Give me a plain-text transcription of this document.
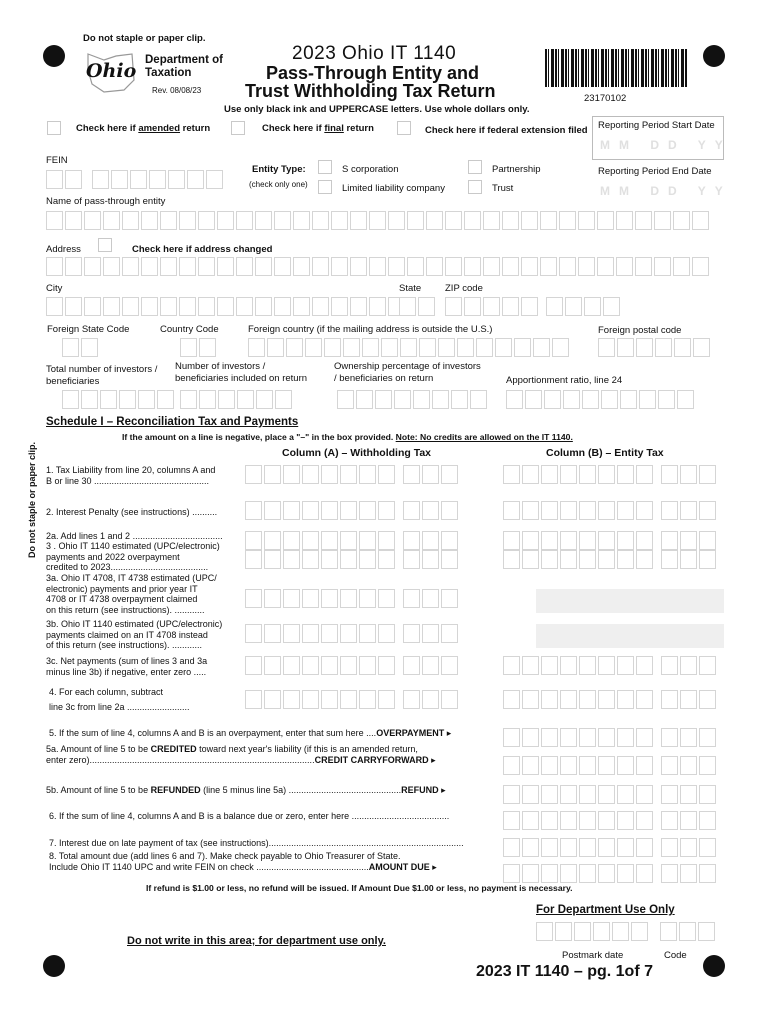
Do not staple or paper clip.
Ohio Department of
Taxation
Rev. 08/08/23
2023 Ohio IT 1140
Pass-Through Entity and
Trust Withholding Tax Return	23170102
Use only black ink and UPPERCASE letters. Use whole dollars only.
Check here if amended return	Check here if final return	Check here if federal extension filed Reporting Period Start Date
MM DD YY
Reporting Period End Date
MM DD YY
FEIN
Entity Type:
(check only one)
S corporation
Limited liability company
Partnership
Trust
Name of pass-through entity
Address	Check here if address changed
City	State	ZIP code
Foreign State Code	Country Code	Foreign country (if the mailing address is outside the U.S.)	Foreign postal code
Total number of investors /
beneficiaries
Number of investors /
beneficiaries included on return
Ownership percentage of investors
/ beneficiaries on return	Apportionment ratio, line 24
Do not staple or paper clip.
Schedule I – Reconciliation Tax and Payments
If the amount on a line is negative, place a "–" in the box provided. Note: No credits are allowed on the IT 1140.
Column (A) – Withholding Tax	Column (B) – Entity Tax
1. Tax Liability from line 20, columns A and
B or line 30 ..............................................
2. Interest Penalty (see instructions) ..........
2a. Add lines 1 and 2 ....................................
3 . Ohio IT 1140 estimated (UPC/electronic)
payments and 2022 overpayment
credited to 2023.......................................
3a. Ohio IT 4708, IT 4738 estimated (UPC/
electronic) payments and prior year IT
4708 or IT 4738 overpayment claimed
on this return (see instructions). ............
3b. Ohio IT 1140 estimated (UPC/electronic)
payments claimed on an IT 4708 instead
of this return (see instructions). ............
3c. Net payments (sum of lines 3 and 3a
minus line 3b) if negative, enter zero .....
4. For each column, subtract
line 3c from line 2a .........................
5. If the sum of line 4, columns A and B is an overpayment, enter that sum here ....OVERPAYMENT ▸
5a. Amount of line 5 to be CREDITED toward next year's liability (if this is an amended return,
enter zero)..........................................................................................CREDIT CARRYFORWARD ▸
5b. Amount of line 5 to be REFUNDED (line 5 minus line 5a) .............................................REFUND ▸
6. If the sum of line 4, columns A and B is a balance due or zero, enter here .......................................
7. Interest due on late payment of tax (see instructions)..............................................................................
8. Total amount due (add lines 6 and 7). Make check payable to Ohio Treasurer of State.
Include Ohio IT 1140 UPC and write FEIN on check .............................................AMOUNT DUE ▸
If refund is $1.00 or less, no refund will be issued. If Amount Due $1.00 or less, no payment is necessary.
For Department Use Only
Do not write in this area; for department use only.
Postmark date	Code
2023 IT 1140 – pg. 1of 7
